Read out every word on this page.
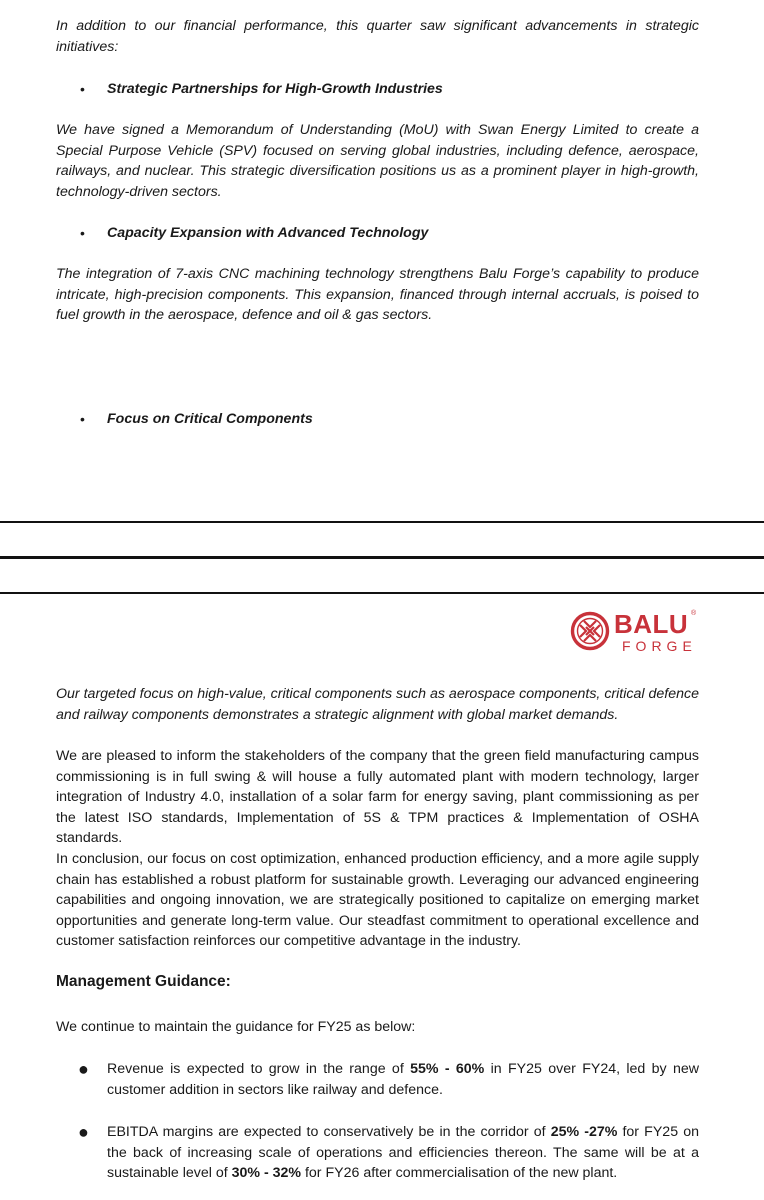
In addition to our financial performance, this quarter saw significant advancements in strategic initiatives:

• Strategic Partnerships for High-Growth Industries

We have signed a Memorandum of Understanding (MoU) with Swan Energy Limited to create a Special Purpose Vehicle (SPV) focused on serving global industries, including defence, aerospace, railways, and nuclear. This strategic diversification positions us as a prominent player in high-growth, technology-driven sectors.

• Capacity Expansion with Advanced Technology

The integration of 7-axis CNC machining technology strengthens Balu Forge’s capability to produce intricate, high-precision components. This expansion, financed through internal accruals, is poised to fuel growth in the aerospace, defence and oil & gas sectors.

• Focus on Critical Components
BALU ®
FORGE

Our targeted focus on high-value, critical components such as aerospace components, critical defence and railway components demonstrates a strategic alignment with global market demands.

We are pleased to inform the stakeholders of the company that the green field manufacturing campus commissioning is in full swing & will house a fully automated plant with modern technology, larger integration of Industry 4.0, installation of a solar farm for energy saving, plant commissioning as per the latest ISO standards, Implementation of 5S & TPM practices & Implementation of OSHA standards.

In conclusion, our focus on cost optimization, enhanced production efficiency, and a more agile supply chain has established a robust platform for sustainable growth. Leveraging our advanced engineering capabilities and ongoing innovation, we are strategically positioned to capitalize on emerging market opportunities and generate long-term value. Our steadfast commitment to operational excellence and customer satisfaction reinforces our competitive advantage in the industry.

Management Guidance:

We continue to maintain the guidance for FY25 as below:

● Revenue is expected to grow in the range of 55% - 60% in FY25 over FY24, led by new customer addition in sectors like railway and defence.
● EBITDA margins are expected to conservatively be in the corridor of 25% -27% for FY25 on the back of increasing scale of operations and efficiencies thereon. The same will be at a sustainable level of 30% - 32% for FY26 after commercialisation of the new plant.
